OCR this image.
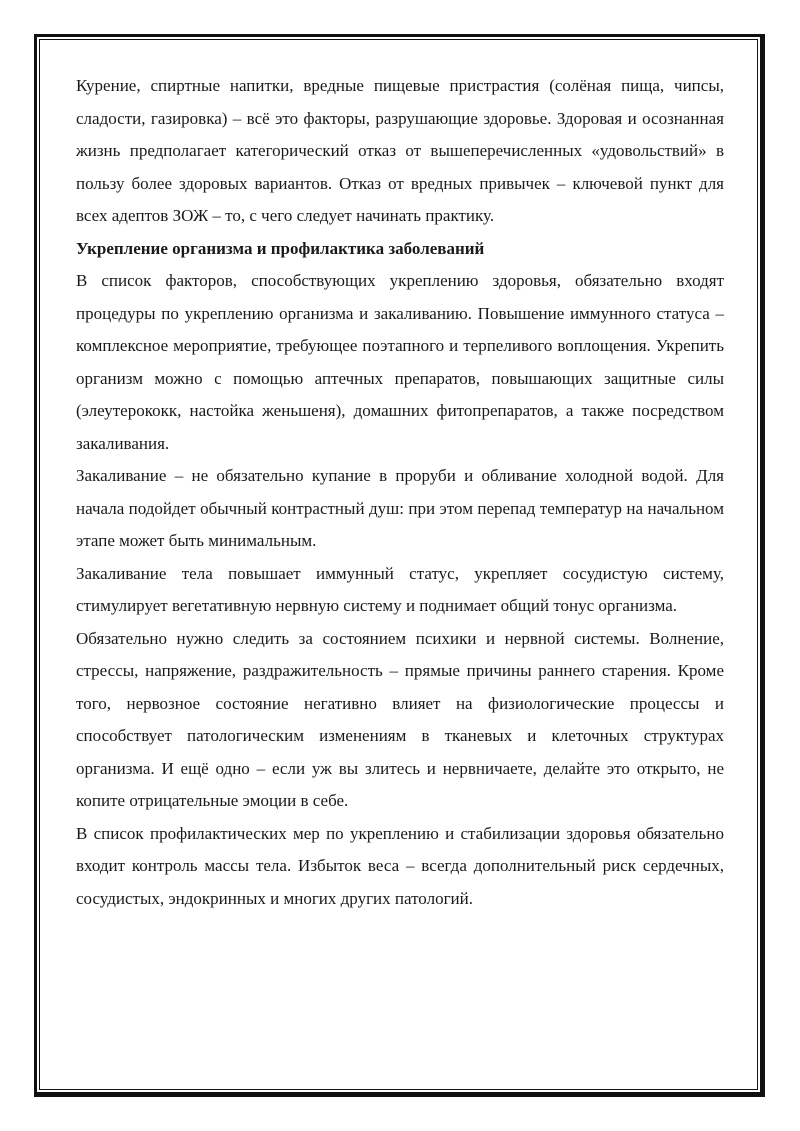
Курение, спиртные напитки, вредные пищевые пристрастия (солёная пища, чипсы, сладости, газировка) – всё это факторы, разрушающие здоровье. Здоровая и осознанная жизнь предполагает категорический отказ от вышеперечисленных «удовольствий» в пользу более здоровых вариантов. Отказ от вредных привычек – ключевой пункт для всех адептов ЗОЖ – то, с чего следует начинать практику.

Укрепление организма и профилактика заболеваний

В список факторов, способствующих укреплению здоровья, обязательно входят процедуры по укреплению организма и закаливанию. Повышение иммунного статуса – комплексное мероприятие, требующее поэтапного и терпеливого воплощения. Укрепить организм можно с помощью аптечных препаратов, повышающих защитные силы (элеутерококк, настойка женьшеня), домашних фитопрепаратов, а также посредством закаливания.

Закаливание – не обязательно купание в проруби и обливание холодной водой. Для начала подойдет обычный контрастный душ: при этом перепад температур на начальном этапе может быть минимальным.

Закаливание тела повышает иммунный статус, укрепляет сосудистую систему, стимулирует вегетативную нервную систему и поднимает общий тонус организма.

Обязательно нужно следить за состоянием психики и нервной системы. Волнение, стрессы, напряжение, раздражительность – прямые причины раннего старения. Кроме того, нервозное состояние негативно влияет на физиологические процессы и способствует патологическим изменениям в тканевых и клеточных структурах организма. И ещё одно – если уж вы злитесь и нервничаете, делайте это открыто, не копите отрицательные эмоции в себе.

В список профилактических мер по укреплению и стабилизации здоровья обязательно входит контроль массы тела. Избыток веса – всегда дополнительный риск сердечных, сосудистых, эндокринных и многих других патологий.
